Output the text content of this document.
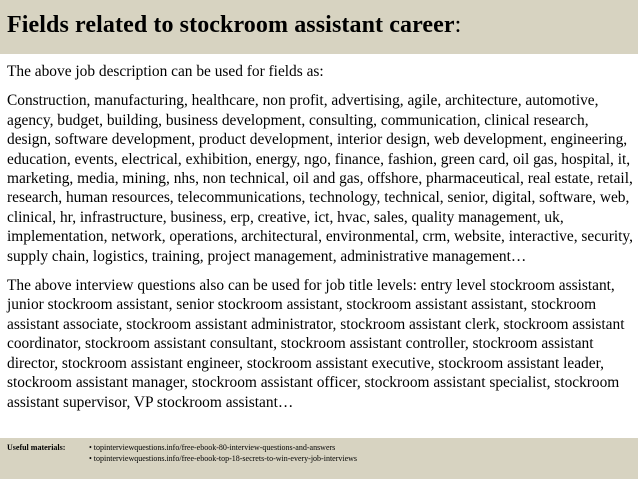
Fields related to stockroom assistant career:

The above job description can be used for fields as:

Construction, manufacturing, healthcare, non profit, advertising, agile, architecture, automotive, agency, budget, building, business development, consulting, communication, clinical research, design, software development, product development, interior design, web development, engineering, education, events, electrical, exhibition, energy, ngo, finance, fashion, green card, oil gas, hospital, it, marketing, media, mining, nhs, non technical, oil and gas, offshore, pharmaceutical, real estate, retail, research, human resources, telecommunications, technology, technical, senior, digital, software, web, clinical, hr, infrastructure, business, erp, creative, ict, hvac, sales, quality management, uk, implementation, network, operations, architectural, environmental, crm, website, interactive, security, supply chain, logistics, training, project management, administrative management…

The above interview questions also can be used for job title levels: entry level stockroom assistant, junior stockroom assistant, senior stockroom assistant, stockroom assistant assistant, stockroom assistant associate, stockroom assistant administrator, stockroom assistant clerk, stockroom assistant coordinator, stockroom assistant consultant, stockroom assistant controller, stockroom assistant director, stockroom assistant engineer, stockroom assistant executive, stockroom assistant leader, stockroom assistant manager, stockroom assistant officer, stockroom assistant specialist, stockroom assistant supervisor, VP stockroom assistant…

Useful materials:	• topinterviewquestions.info/free-ebook-80-interview-questions-and-answers
• topinterviewquestions.info/free-ebook-top-18-secrets-to-win-every-job-interviews
